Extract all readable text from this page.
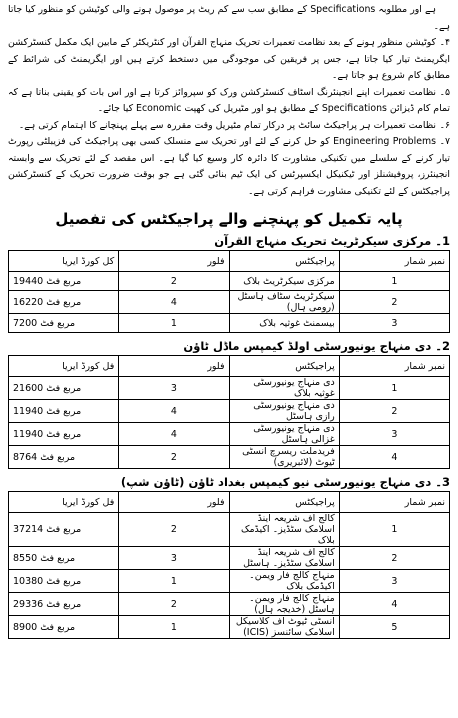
ہے اور مطلوبہ Specifications کے مطابق سب سے کم ریٹ پر موصول ہونے والی کوٹیشن کو منظور کیا جاتا ہے۔

۴۔کوٹیشن منظور ہونے کے بعد نظامت تعمیرات تحریک منہاج القرآن اور کنٹریکٹر کے مابین ایک مکمل کنسٹرکشن ایگریمنٹ تیار کیا جاتا ہے، جس پر فریقین کی موجودگی میں دستخط کرتے ہیں اور ایگریمنٹ کی شرائط کے مطابق کام شروع ہو جاتا ہے۔

۵۔نظامت تعمیرات اپنے انجینئرنگ اسٹاف کنسٹرکشن ورک کو سپروائز کرتا ہے اور اس بات کو یقینی بناتا ہے کہ تمام کام ڈیزائن Specifications کے مطابق ہو اور مٹیریل کی کھپت Economic کیا جائے۔

۶۔نظامت تعمیرات ہر پراجیکٹ سائٹ پر درکار تمام مٹیریل وقت مقررہ سے پہلے پہنچانے کا اہتمام کرتی ہے۔

۷۔Engineering Problems کو حل کرنے کے لئے اور تحریک سے منسلک کسی بھی پراجیکٹ کی فزیبلٹی رپورٹ تیار کرنے کے سلسلے میں تکنیکی مشاورت کا دائرہ کار وسیع کیا گیا ہے۔ اس مقصد کے لئے تحریک سے وابستہ انجینئرز، پروفیشنلز اور ٹیکنیکل ایکسپرٹس کی ایک ٹیم بنائی گئی ہے جو بوقت ضرورت تحریک کے کنسٹرکشن پراجیکٹس کے لئے تکنیکی مشاورت فراہم کرتی ہے۔

پایہ تکمیل کو پہنچنے والے پراجیکٹس کی تفصیل
1۔ مرکزی سیکرٹریٹ تحریک منہاج القرآن
نمبر شمار	پراجیکٹس	فلور	کل کورڈ ایریا
1	مرکزی سیکرٹریٹ بلاک	2	19440 مربع فٹ
2	سیکرٹریٹ سٹاف ہاسٹل (رومی ہال)	4	16220 مربع فٹ
3	بیسمنٹ غوثیہ بلاک	1	7200 مربع فٹ
2۔ دی منہاج یونیورسٹی اولڈ کیمپس ماڈل ٹاؤن
نمبر شمار	پراجیکٹس	فلور	فل کورڈ ایریا
1	دی منہاج یونیورسٹی غوثیہ بلاک	3	21600 مربع فٹ
2	دی منہاج یونیورسٹی رازی ہاسٹل	4	11940 مربع فٹ
3	دی منہاج یونیورسٹی غزالی ہاسٹل	4	11940 مربع فٹ
4	فریدملت ریسرچ انسٹی ٹیوٹ (لائبریری)	2	8764 مربع فٹ
3۔ دی منہاج یونیورسٹی نیو کیمپس بغداد ٹاؤن (ٹاؤن شپ)
نمبر شمار	پراجیکٹس	فلور	فل کورڈ ایریا
1	کالج آف شریعہ اینڈ اسلامک سٹڈیز۔ اکیڈمک بلاک	2	37214 مربع فٹ
2	کالج آف شریعہ اینڈ اسلامک سٹڈیز۔ ہاسٹل	3	8550 مربع فٹ
3	منہاج کالج فار ویمن۔ اکیڈمک بلاک	1	10380 مربع فٹ
4	منہاج کالج فار ویمن۔ ہاسٹل (خدیجہ ہال)	2	29336 مربع فٹ
5	انسٹی ٹیوٹ آف کلاسیکل اسلامک سائنسز (ICIS)	1	8900 مربع فٹ
